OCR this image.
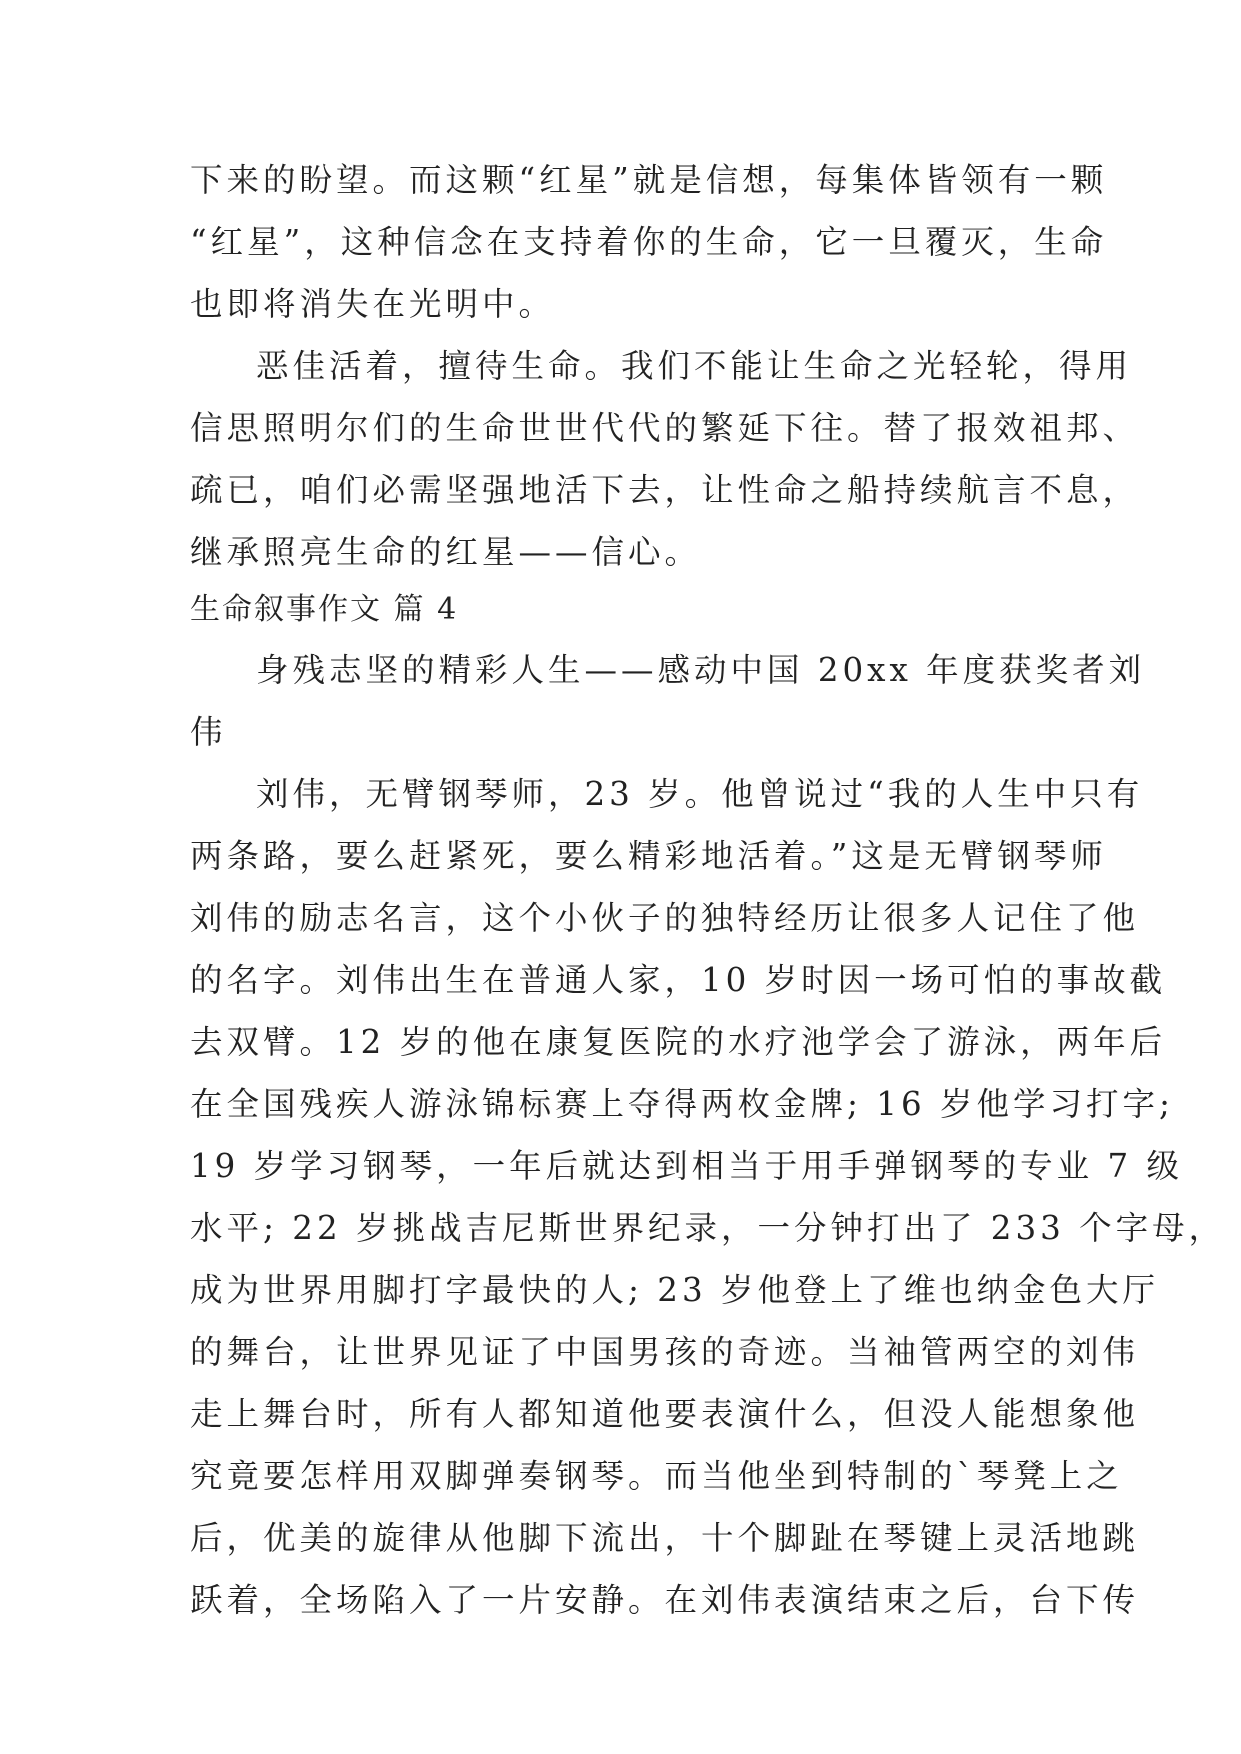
下来的盼望。而这颗“红星”就是信想，每集体皆领有一颗
“红星”，这种信念在支持着你的生命，它一旦覆灭，生命
也即将消失在光明中。
恶佳活着，擅待生命。我们不能让生命之光轻轮，得用
信思照明尔们的生命世世代代的繁延下往。替了报效祖邦、
疏已，咱们必需坚强地活下去，让性命之船持续航言不息，
继承照亮生命的红星——信心。
生命叙事作文 篇 4
身残志坚的精彩人生——感动中国 20xx 年度获奖者刘
伟
刘伟，无臂钢琴师，23 岁。他曾说过“我的人生中只有
两条路，要么赶紧死，要么精彩地活着。”这是无臂钢琴师
刘伟的励志名言，这个小伙子的独特经历让很多人记住了他
的名字。刘伟出生在普通人家，10 岁时因一场可怕的事故截
去双臂。12 岁的他在康复医院的水疗池学会了游泳，两年后
在全国残疾人游泳锦标赛上夺得两枚金牌; 16 岁他学习打字;
19 岁学习钢琴，一年后就达到相当于用手弹钢琴的专业 7 级
水平; 22 岁挑战吉尼斯世界纪录，一分钟打出了 233 个字母，
成为世界用脚打字最快的人; 23 岁他登上了维也纳金色大厅
的舞台，让世界见证了中国男孩的奇迹。当袖管两空的刘伟
走上舞台时，所有人都知道他要表演什么，但没人能想象他
究竟要怎样用双脚弹奏钢琴。而当他坐到特制的`琴凳上之
后，优美的旋律从他脚下流出，十个脚趾在琴键上灵活地跳
跃着，全场陷入了一片安静。在刘伟表演结束之后，台下传
